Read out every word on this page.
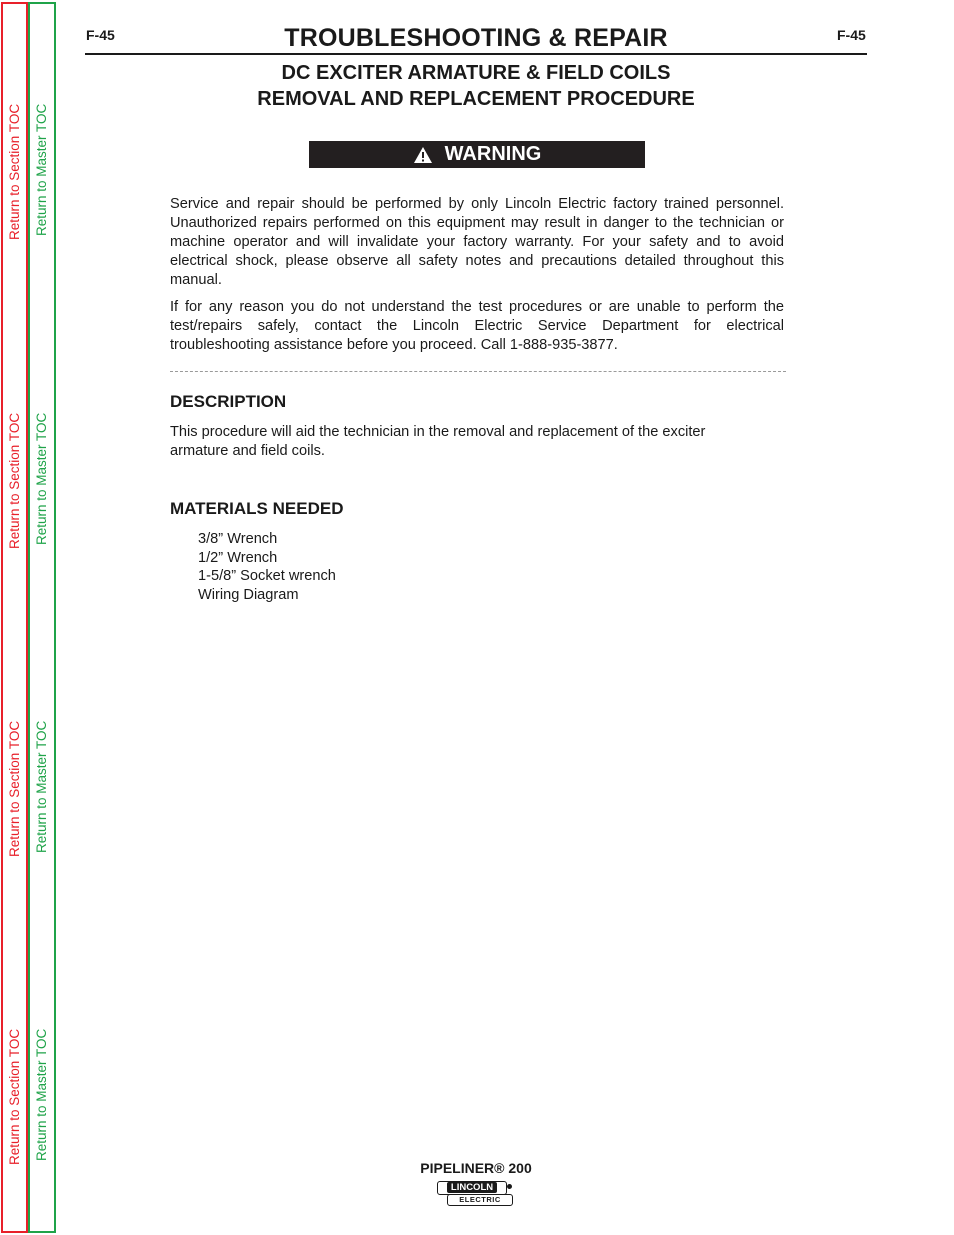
Return to Section TOC
Return to Section TOC
Return to Section TOC
Return to Section TOC
Return to Master TOC
Return to Master TOC
Return to Master TOC
Return to Master TOC
F-45	TROUBLESHOOTING & REPAIR	F-45
DC EXCITER ARMATURE & FIELD COILS
REMOVAL AND REPLACEMENT PROCEDURE
WARNING
Service and repair should be performed by only Lincoln Electric factory trained personnel. Unauthorized repairs performed on this equipment may result in danger to the technician or machine operator and will invalidate your factory warranty. For your safety and to avoid electrical shock, please observe all safety notes and precautions detailed throughout this manual.
If for any reason you do not understand the test procedures or are unable to perform the test/repairs safely, contact the Lincoln Electric Service Department for electrical troubleshooting assistance before you proceed. Call 1-888-935-3877.
DESCRIPTION
This procedure will aid the technician in the removal and replacement of the exciter armature and field coils.
MATERIALS NEEDED
3/8” Wrench
1/2” Wrench
1-5/8” Socket wrench
Wiring Diagram
PIPELINER® 200
LINCOLN
ELECTRIC
